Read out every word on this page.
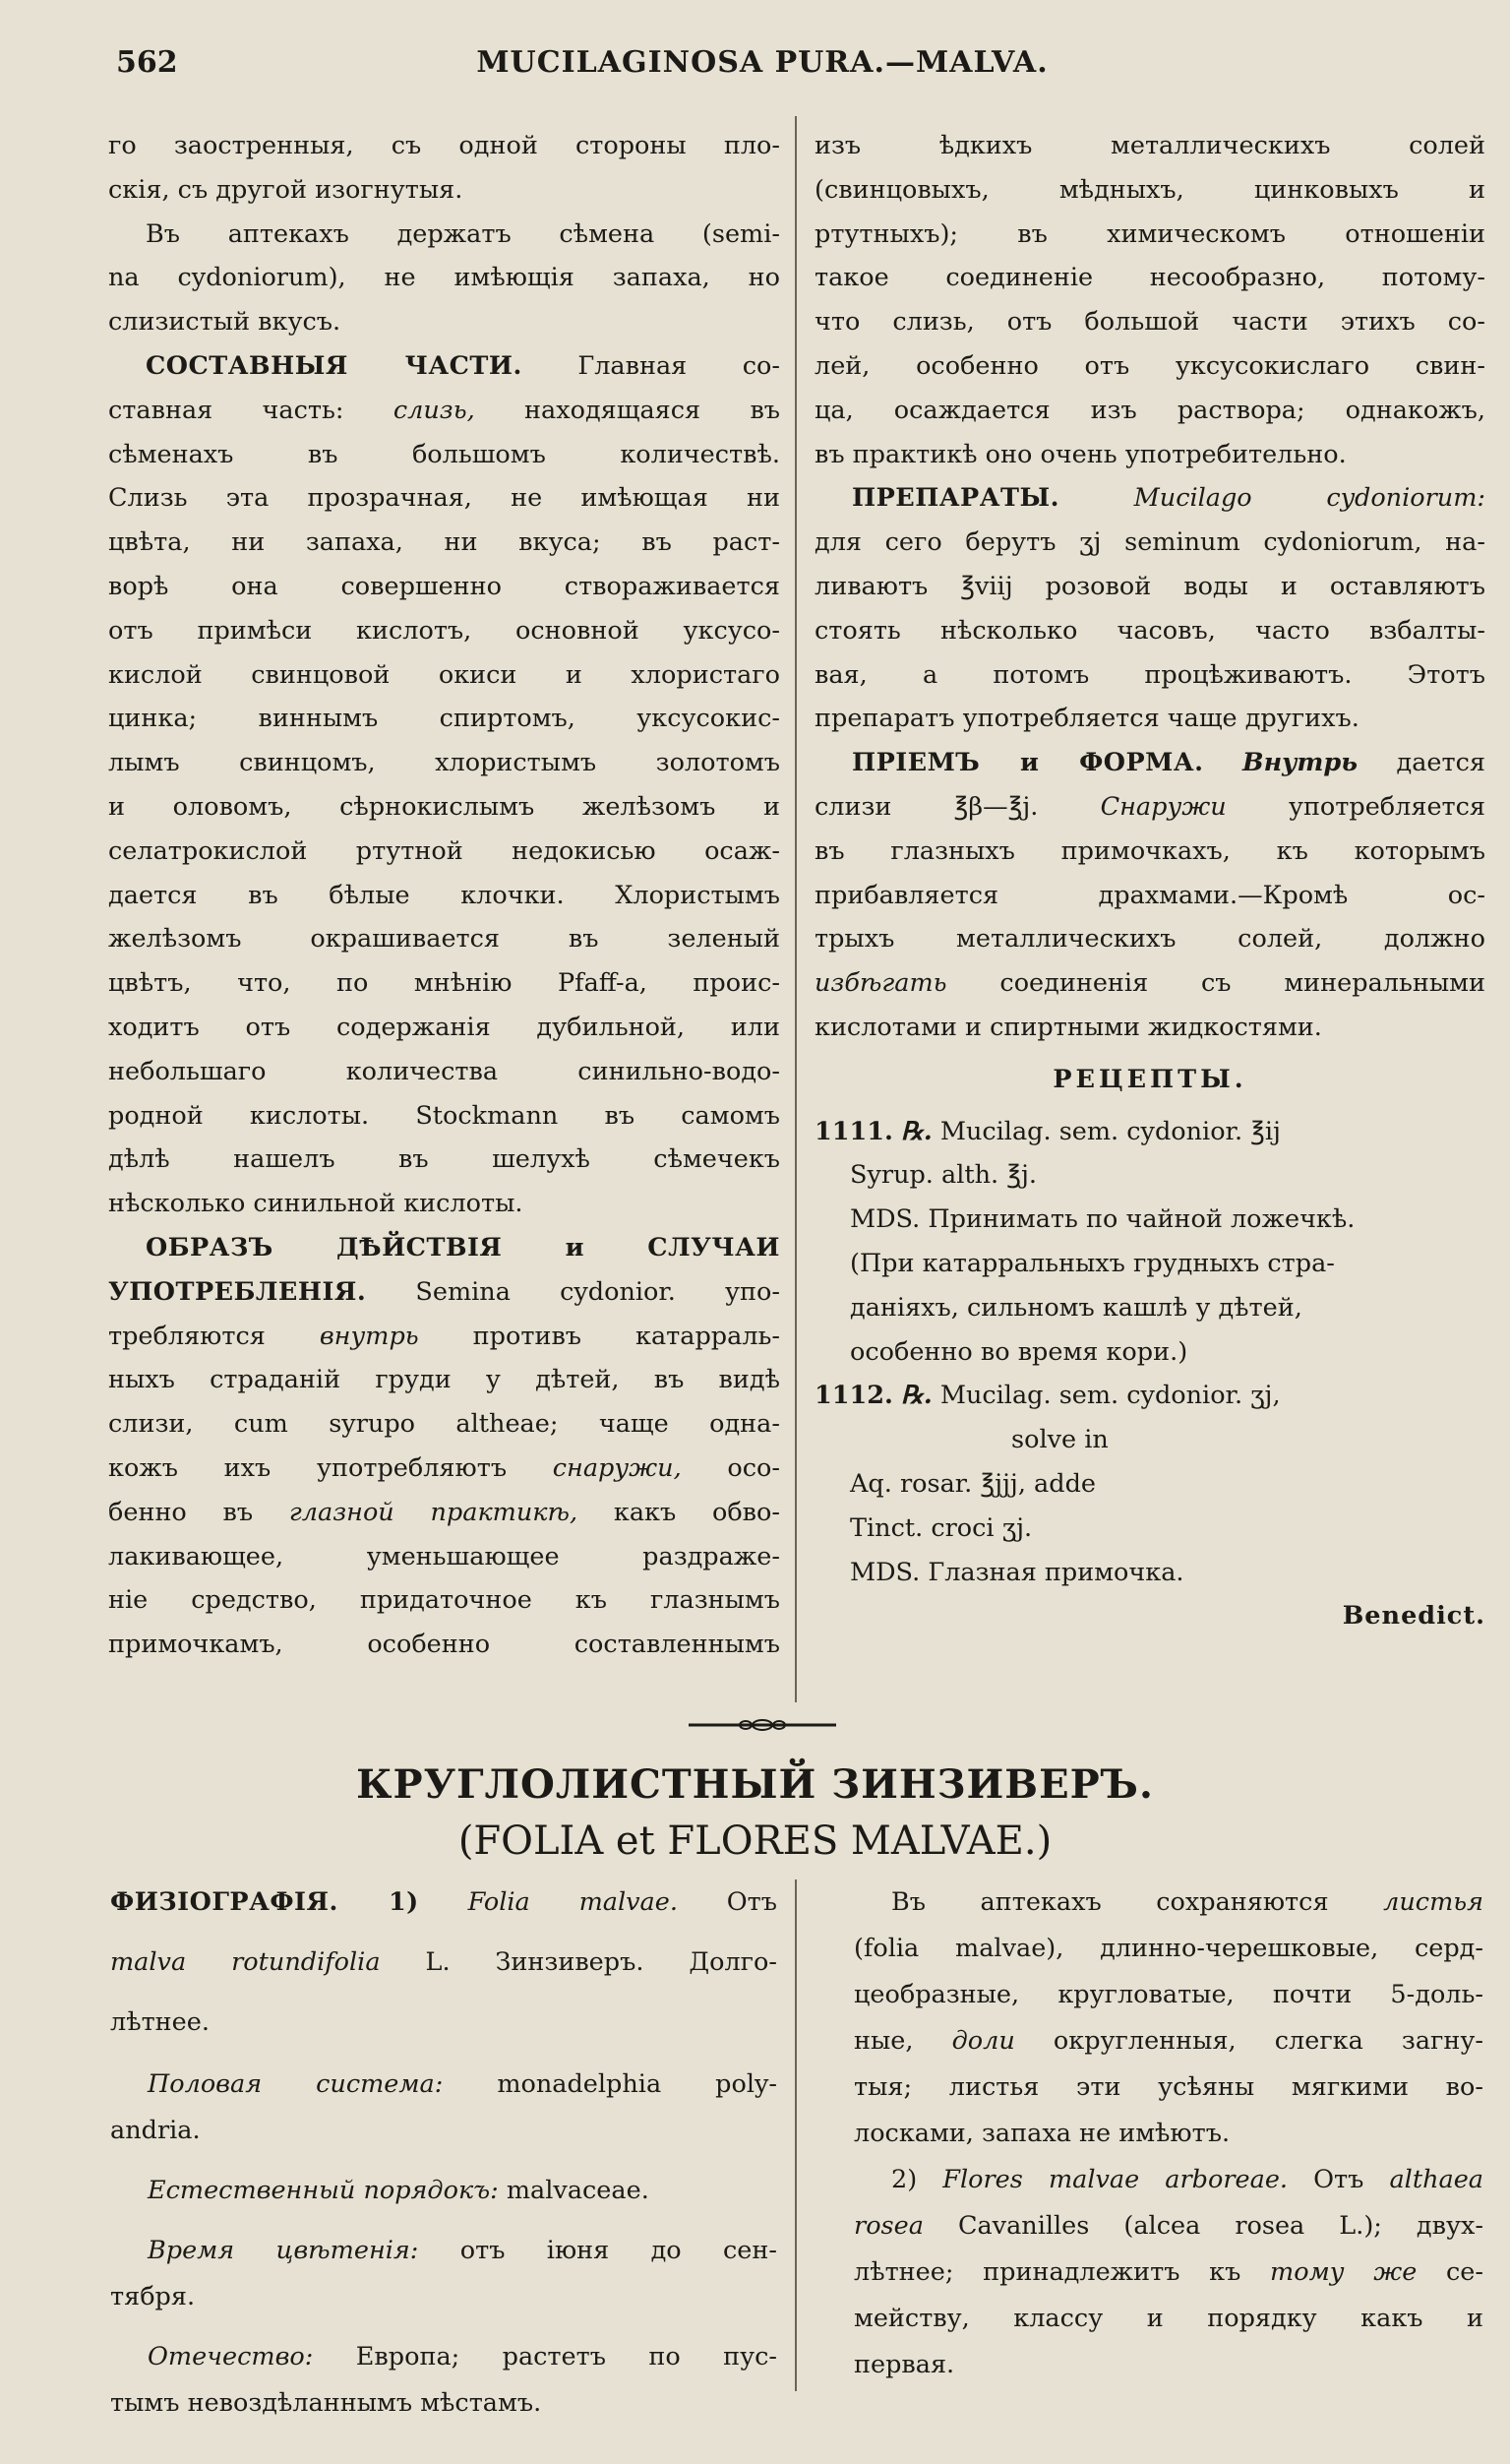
562	MUCILAGINOSA PURA.—MALVA.

го заостренныя, съ одной стороны пло-

скія, съ другой изогнутыя.

Въ аптекахъ держатъ сѣмена (semi-

na cydoniorum), не имѣющія запаха, но

слизистый вкусъ.

СОСТАВНЫЯ ЧАСТИ. Главная со-

ставная часть: слизь, находящаяся въ

сѣменахъ въ большомъ количествѣ.

Слизь эта прозрачная, не имѣющая ни

цвѣта, ни запаха, ни вкуса; въ раст-

ворѣ она совершенно створаживается

отъ примѣси кислотъ, основной уксусо-

кислой свинцовой окиси и хлористаго

цинка; виннымъ спиртомъ, уксусокис-

лымъ свинцомъ, хлористымъ золотомъ

и оловомъ, сѣрнокислымъ желѣзомъ и

селатрокислой ртутной недокисью осаж-

дается въ бѣлые клочки. Хлористымъ

желѣзомъ окрашивается въ зеленый

цвѣтъ, что, по мнѣнію Pfaff-a, проис-

ходитъ отъ содержанія дубильной, или

небольшаго количества синильно-водо-

родной кислоты. Stockmann въ самомъ

дѣлѣ нашелъ въ шелухѣ сѣмечекъ

нѣсколько синильной кислоты.

ОБРАЗЪ ДѢЙСТВІЯ и СЛУЧАИ

УПОТРЕБЛЕНІЯ. Semina cydonior. упо-

требляются внутрь противъ катарраль-

ныхъ страданій груди у дѣтей, въ видѣ

слизи, cum syrupo altheae; чаще одна-

кожъ ихъ употребляютъ снаружи, осо-

бенно въ глазной практикѣ, какъ обво-

лакивающее, уменьшающее раздраже-

ніе средство, придаточное къ глазнымъ

примочкамъ, особенно составленнымъ

изъ ѣдкихъ металлическихъ солей

(свинцовыхъ, мѣдныхъ, цинковыхъ и

ртутныхъ); въ химическомъ отношеніи

такое соединеніе несообразно, потому-

что слизь, отъ большой части этихъ со-

лей, особенно отъ уксусокислаго свин-

ца, осаждается изъ раствора; однакожъ,

въ практикѣ оно очень употребительно.

ПРЕПАРАТЫ.	Mucilago cydoniorum:

для сего берутъ ʒj seminum cydoniorum, на-

ливаютъ ℥viij розовой воды и оставляютъ

стоять нѣсколько часовъ, часто взбалты-

вая, а потомъ процѣживаютъ. Этотъ

препаратъ употребляется чаще другихъ.

ПРІЕМЪ и ФОРМА. Внутрь дается

слизи ℥β—℥j. Снаружи употребляется

въ глазныхъ примочкахъ, къ которымъ

прибавляется драхмами.—Кромѣ ос-

трыхъ металлическихъ солей, должно

избѣгать соединенія съ минеральными

кислотами и спиртными жидкостями.

РЕЦЕПТЫ.

1111. ℞. Mucilag. sem. cydonior. ℥ij

Syrup. alth. ℥j.

MDS. Принимать по чайной ложечкѣ.

(При катарральныхъ грудныхъ стра-

даніяхъ, сильномъ кашлѣ у дѣтей,

особенно во время кори.)

1112. ℞. Mucilag. sem. cydonior. ʒj,

solve in

Aq. rosar. ℥jjj, adde

Tinct. croci ʒj.

MDS. Глазная примочка.

Benedict.

КРУГЛОЛИСТНЫЙ ЗИНЗИВЕРЪ.
(FOLIA et FLORES MALVAE.)

ФИЗІОГРАФІЯ. 1) Folia malvae. Отъ

malva rotundifolia L. Зинзиверъ. Долго-

лѣтнее.

Половая система: monadelphia poly-

andria.

Естественный порядокъ: malvaceae.

Время цвѣтенія: отъ іюня до сен-

тября.

Отечество: Европа; растетъ по пус-

тымъ невоздѣланнымъ мѣстамъ.

Въ аптекахъ сохраняются листья

(folia malvae), длинно-черешковые, серд-

цеобразные, кругловатые, почти 5-доль-

ные, доли округленныя, слегка загну-

тыя; листья эти усѣяны мягкими во-

лосками, запаха не имѣютъ.

2) Flores malvae arboreae. Отъ althaea

rosea Cavanilles (alcea rosea L.); двух-

лѣтнее; принадлежитъ къ тому же се-

мейству, классу и порядку какъ и

первая.
